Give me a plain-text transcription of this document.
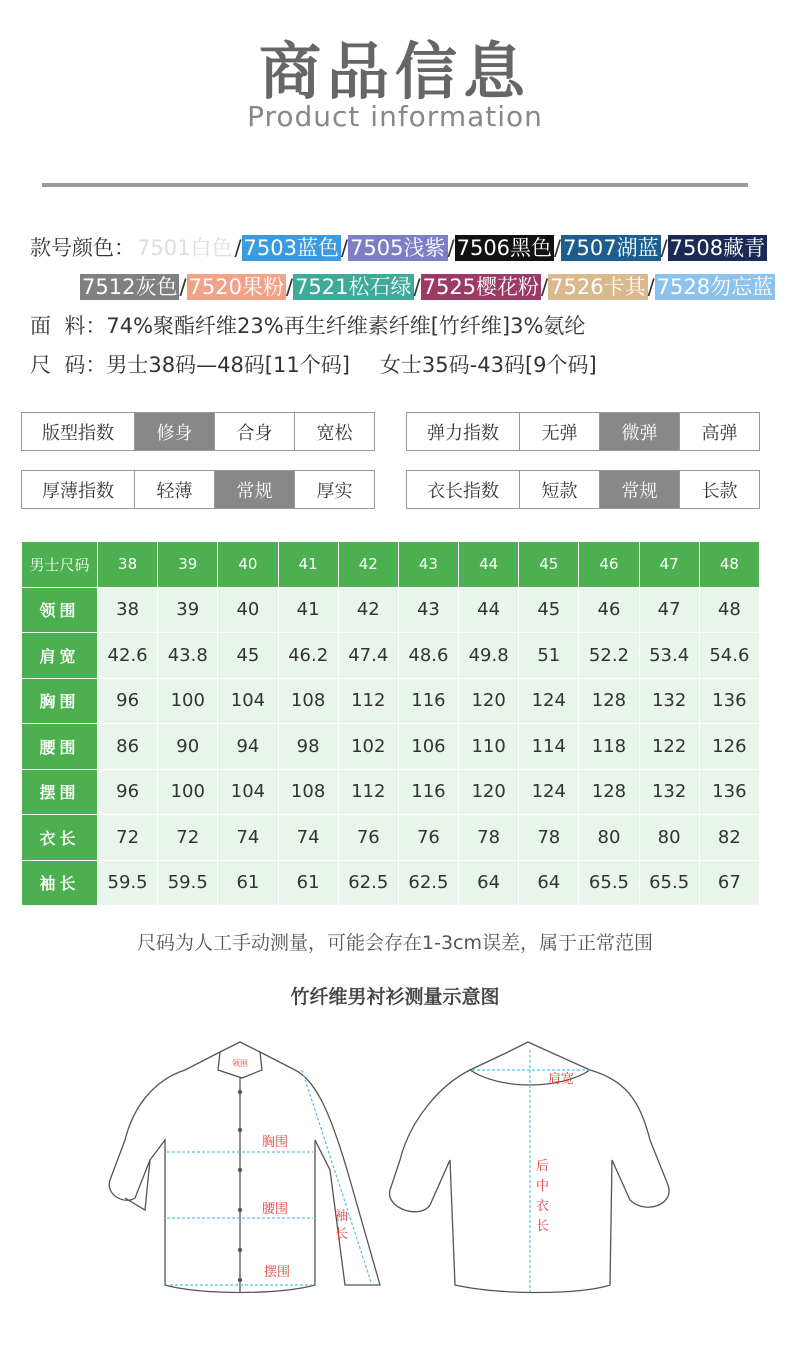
商品信息
Product information
款号颜色：7501白色/7503蓝色/7505浅紫/7506黑色/7507湖蓝/7508藏青
7512灰色/7520果粉/7521松石绿/7525樱花粉/7526卡其/7528勿忘蓝
面  料：74%聚酯纤维23%再生纤维素纤维[竹纤维]3%氨纶
尺  码：男士38码—48码[11个码] 女士35码-43码[9个码]
版型指数	修身	合身	宽松	弹力指数	无弹	微弹	高弹
厚薄指数	轻薄	常规	厚实	衣长指数	短款	常规	长款
男士尺码	38	39	40	41	42	43	44	45	46	47	48
领围	38	39	40	41	42	43	44	45	46	47	48
肩宽	42.6	43.8	45	46.2	47.4	48.6	49.8	51	52.2	53.4	54.6
胸围	96	100	104	108	112	116	120	124	128	132	136
腰围	86	90	94	98	102	106	110	114	118	122	126
摆围	96	100	104	108	112	116	120	124	128	132	136
衣长	72	72	74	74	76	76	78	78	80	80	82
袖长	59.5	59.5	61	61	62.5	62.5	64	64	65.5	65.5	67
尺码为人工手动测量，可能会存在1-3cm误差，属于正常范围
竹纤维男衬衫测量示意图
领围
胸围
腰围
摆围
袖长
肩宽
后中衣长
